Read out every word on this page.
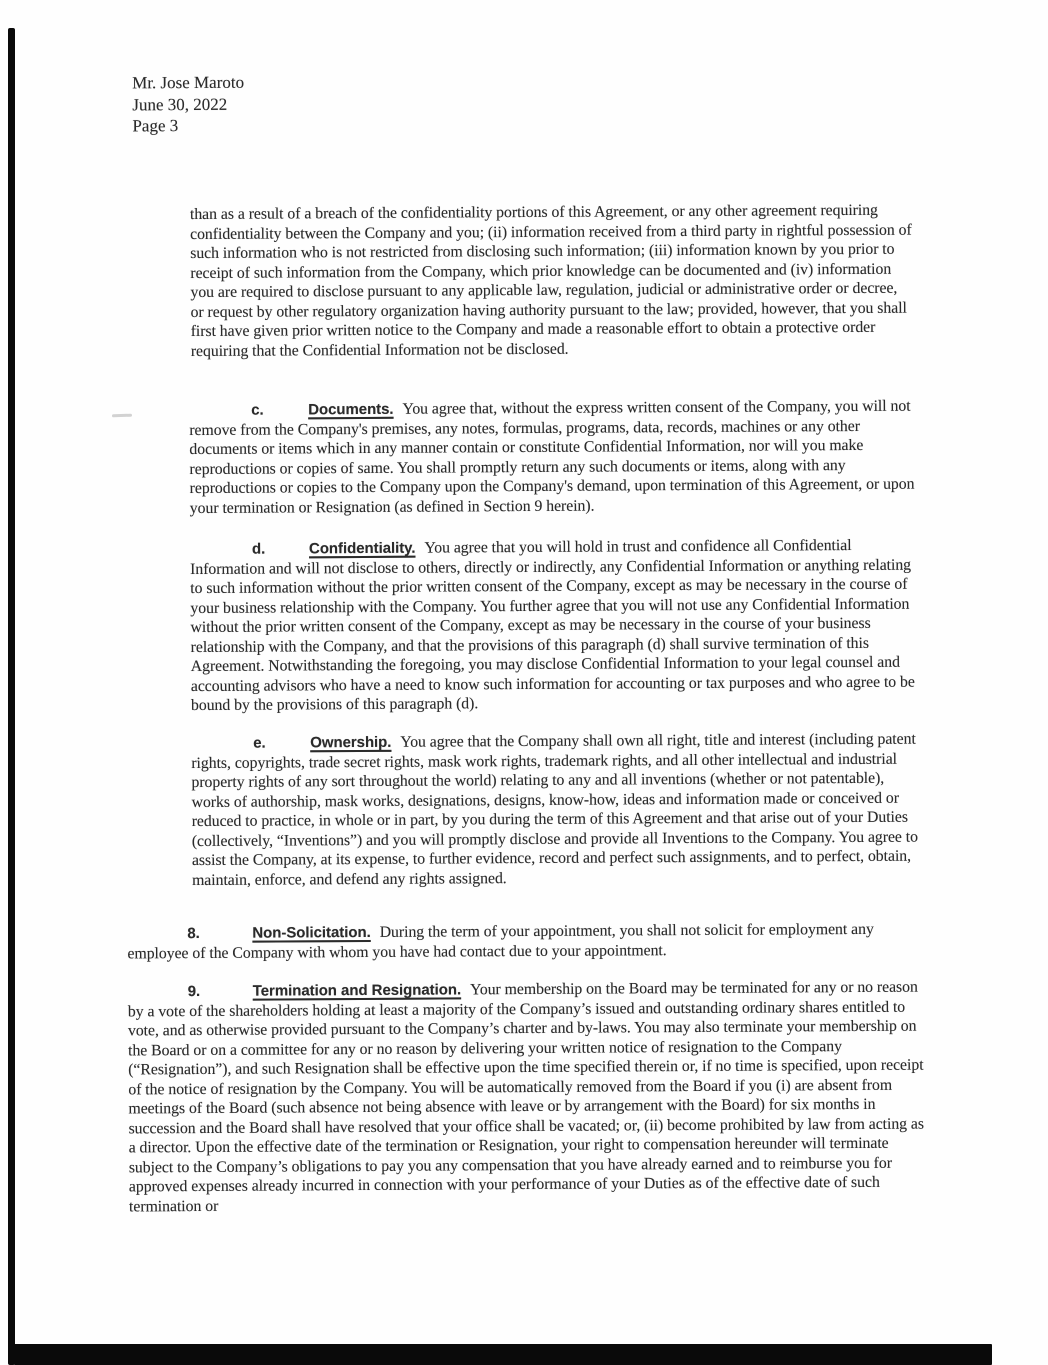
Mr. Jose Maroto
June 30, 2022
Page 3

than as a result of a breach of the confidentiality portions of this Agreement, or any other agreement requiring confidentiality between the Company and you; (ii) information received from a third party in rightful possession of such information who is not restricted from disclosing such information; (iii) information known by you prior to receipt of such information from the Company, which prior knowledge can be documented and (iv) information you are required to disclose pursuant to any applicable law, regulation, judicial or administrative order or decree, or request by other regulatory organization having authority pursuant to the law; provided, however, that you shall first have given prior written notice to the Company and made a reasonable effort to obtain a protective order requiring that the Confidential Information not be disclosed.

c.	Documents. You agree that, without the express written consent of the Company, you will not remove from the Company's premises, any notes, formulas, programs, data, records, machines or any other documents or items which in any manner contain or constitute Confidential Information, nor will you make reproductions or copies of same. You shall promptly return any such documents or items, along with any reproductions or copies to the Company upon the Company's demand, upon termination of this Agreement, or upon your termination or Resignation (as defined in Section 9 herein).

d.	Confidentiality. You agree that you will hold in trust and confidence all Confidential Information and will not disclose to others, directly or indirectly, any Confidential Information or anything relating to such information without the prior written consent of the Company, except as may be necessary in the course of your business relationship with the Company. You further agree that you will not use any Confidential Information without the prior written consent of the Company, except as may be necessary in the course of your business relationship with the Company, and that the provisions of this paragraph (d) shall survive termination of this Agreement. Notwithstanding the foregoing, you may disclose Confidential Information to your legal counsel and accounting advisors who have a need to know such information for accounting or tax purposes and who agree to be bound by the provisions of this paragraph (d).

e.	Ownership. You agree that the Company shall own all right, title and interest (including patent rights, copyrights, trade secret rights, mask work rights, trademark rights, and all other intellectual and industrial property rights of any sort throughout the world) relating to any and all inventions (whether or not patentable), works of authorship, mask works, designations, designs, know-how, ideas and information made or conceived or reduced to practice, in whole or in part, by you during the term of this Agreement and that arise out of your Duties (collectively, “Inventions”) and you will promptly disclose and provide all Inventions to the Company. You agree to assist the Company, at its expense, to further evidence, record and perfect such assignments, and to perfect, obtain, maintain, enforce, and defend any rights assigned.

8.	Non-Solicitation. During the term of your appointment, you shall not solicit for employment any employee of the Company with whom you have had contact due to your appointment.

9.	Termination and Resignation. Your membership on the Board may be terminated for any or no reason by a vote of the shareholders holding at least a majority of the Company’s issued and outstanding ordinary shares entitled to vote, and as otherwise provided pursuant to the Company’s charter and by-laws. You may also terminate your membership on the Board or on a committee for any or no reason by delivering your written notice of resignation to the Company (“Resignation”), and such Resignation shall be effective upon the time specified therein or, if no time is specified, upon receipt of the notice of resignation by the Company. You will be automatically removed from the Board if you (i) are absent from meetings of the Board (such absence not being absence with leave or by arrangement with the Board) for six months in succession and the Board shall have resolved that your office shall be vacated; or, (ii) become prohibited by law from acting as a director. Upon the effective date of the termination or Resignation, your right to compensation hereunder will terminate subject to the Company’s obligations to pay you any compensation that you have already earned and to reimburse you for approved expenses already incurred in connection with your performance of your Duties as of the effective date of such termination or
